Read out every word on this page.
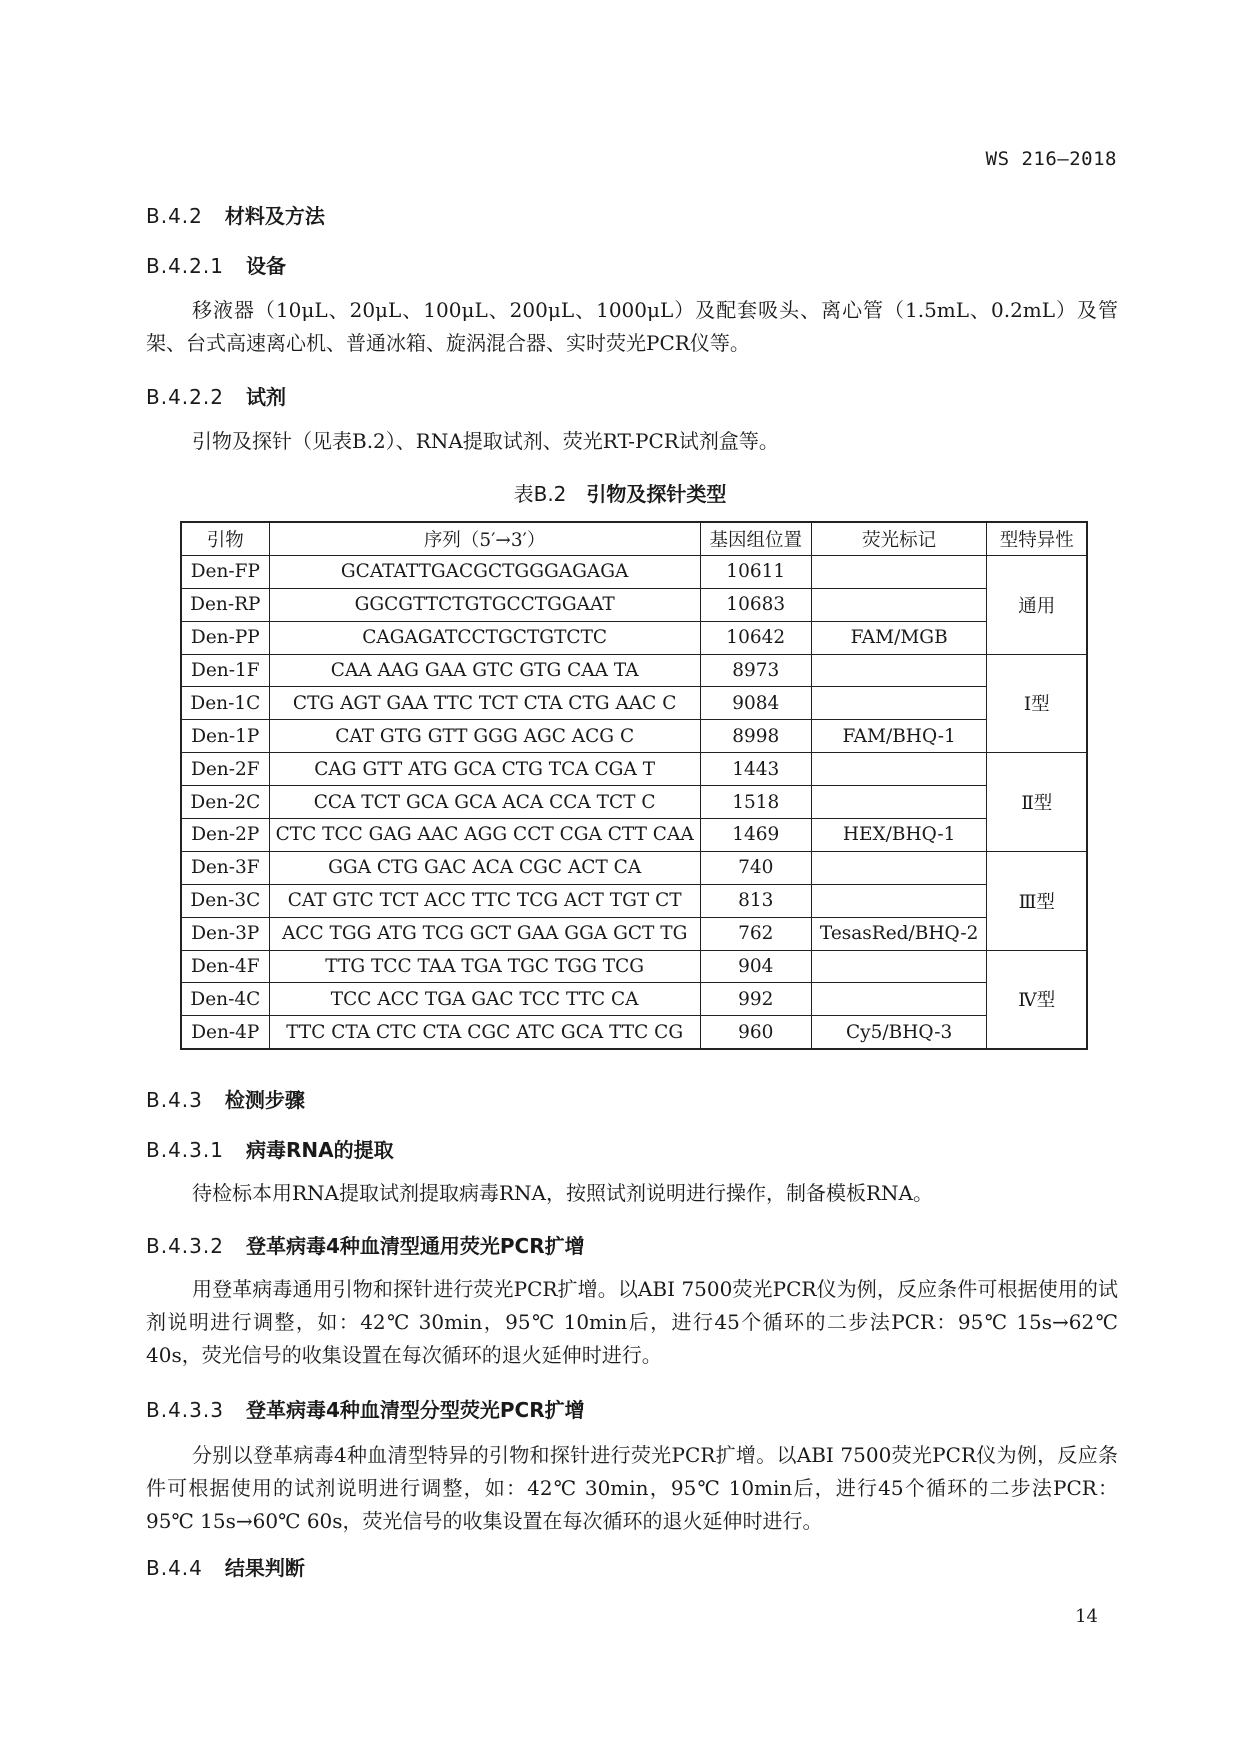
WS 216—2018
B.4.2 材料及方法
B.4.2.1 设备
移液器（10μL、20μL、100μL、200μL、1000μL）及配套吸头、离心管（1.5mL、0.2mL）及管架、台式高速离心机、普通冰箱、旋涡混合器、实时荧光PCR仪等。
B.4.2.2 试剂
引物及探针（见表B.2）、RNA提取试剂、荧光RT-PCR试剂盒等。
表B.2 引物及探针类型
引物	序列（5′→3′）	基因组位置	荧光标记	型特异性
Den-FP	GCATATTGACGCTGGGAGAGA	10611		通用
Den-RP	GGCGTTCTGTGCCTGGAAT	10683		
Den-PP	CAGAGATCCTGCTGTCTC	10642	FAM/MGB	
Den-1F	CAA AAG GAA GTC GTG CAA TA	8973		Ⅰ型
Den-1C	CTG AGT GAA TTC TCT CTA CTG AAC C	9084		
Den-1P	CAT GTG GTT GGG AGC ACG C	8998	FAM/BHQ-1	
Den-2F	CAG GTT ATG GCA CTG TCA CGA T	1443		Ⅱ型
Den-2C	CCA TCT GCA GCA ACA CCA TCT C	1518		
Den-2P	CTC TCC GAG AAC AGG CCT CGA CTT CAA	1469	HEX/BHQ-1	
Den-3F	GGA CTG GAC ACA CGC ACT CA	740		Ⅲ型
Den-3C	CAT GTC TCT ACC TTC TCG ACT TGT CT	813		
Den-3P	ACC TGG ATG TCG GCT GAA GGA GCT TG	762	TesasRed/BHQ-2	
Den-4F	TTG TCC TAA TGA TGC TGG TCG	904		Ⅳ型
Den-4C	TCC ACC TGA GAC TCC TTC CA	992		
Den-4P	TTC CTA CTC CTA CGC ATC GCA TTC CG	960	Cy5/BHQ-3	
B.4.3 检测步骤
B.4.3.1 病毒RNA的提取
待检标本用RNA提取试剂提取病毒RNA，按照试剂说明进行操作，制备模板RNA。
B.4.3.2 登革病毒4种血清型通用荧光PCR扩增
用登革病毒通用引物和探针进行荧光PCR扩增。以ABI 7500荧光PCR仪为例，反应条件可根据使用的试剂说明进行调整，如：42℃ 30min，95℃ 10min后，进行45个循环的二步法PCR：95℃ 15s→62℃ 40s，荧光信号的收集设置在每次循环的退火延伸时进行。
B.4.3.3 登革病毒4种血清型分型荧光PCR扩增
分别以登革病毒4种血清型特异的引物和探针进行荧光PCR扩增。以ABI 7500荧光PCR仪为例，反应条件可根据使用的试剂说明进行调整，如：42℃ 30min，95℃ 10min后，进行45个循环的二步法PCR：95℃ 15s→60℃ 60s，荧光信号的收集设置在每次循环的退火延伸时进行。
B.4.4 结果判断
14
